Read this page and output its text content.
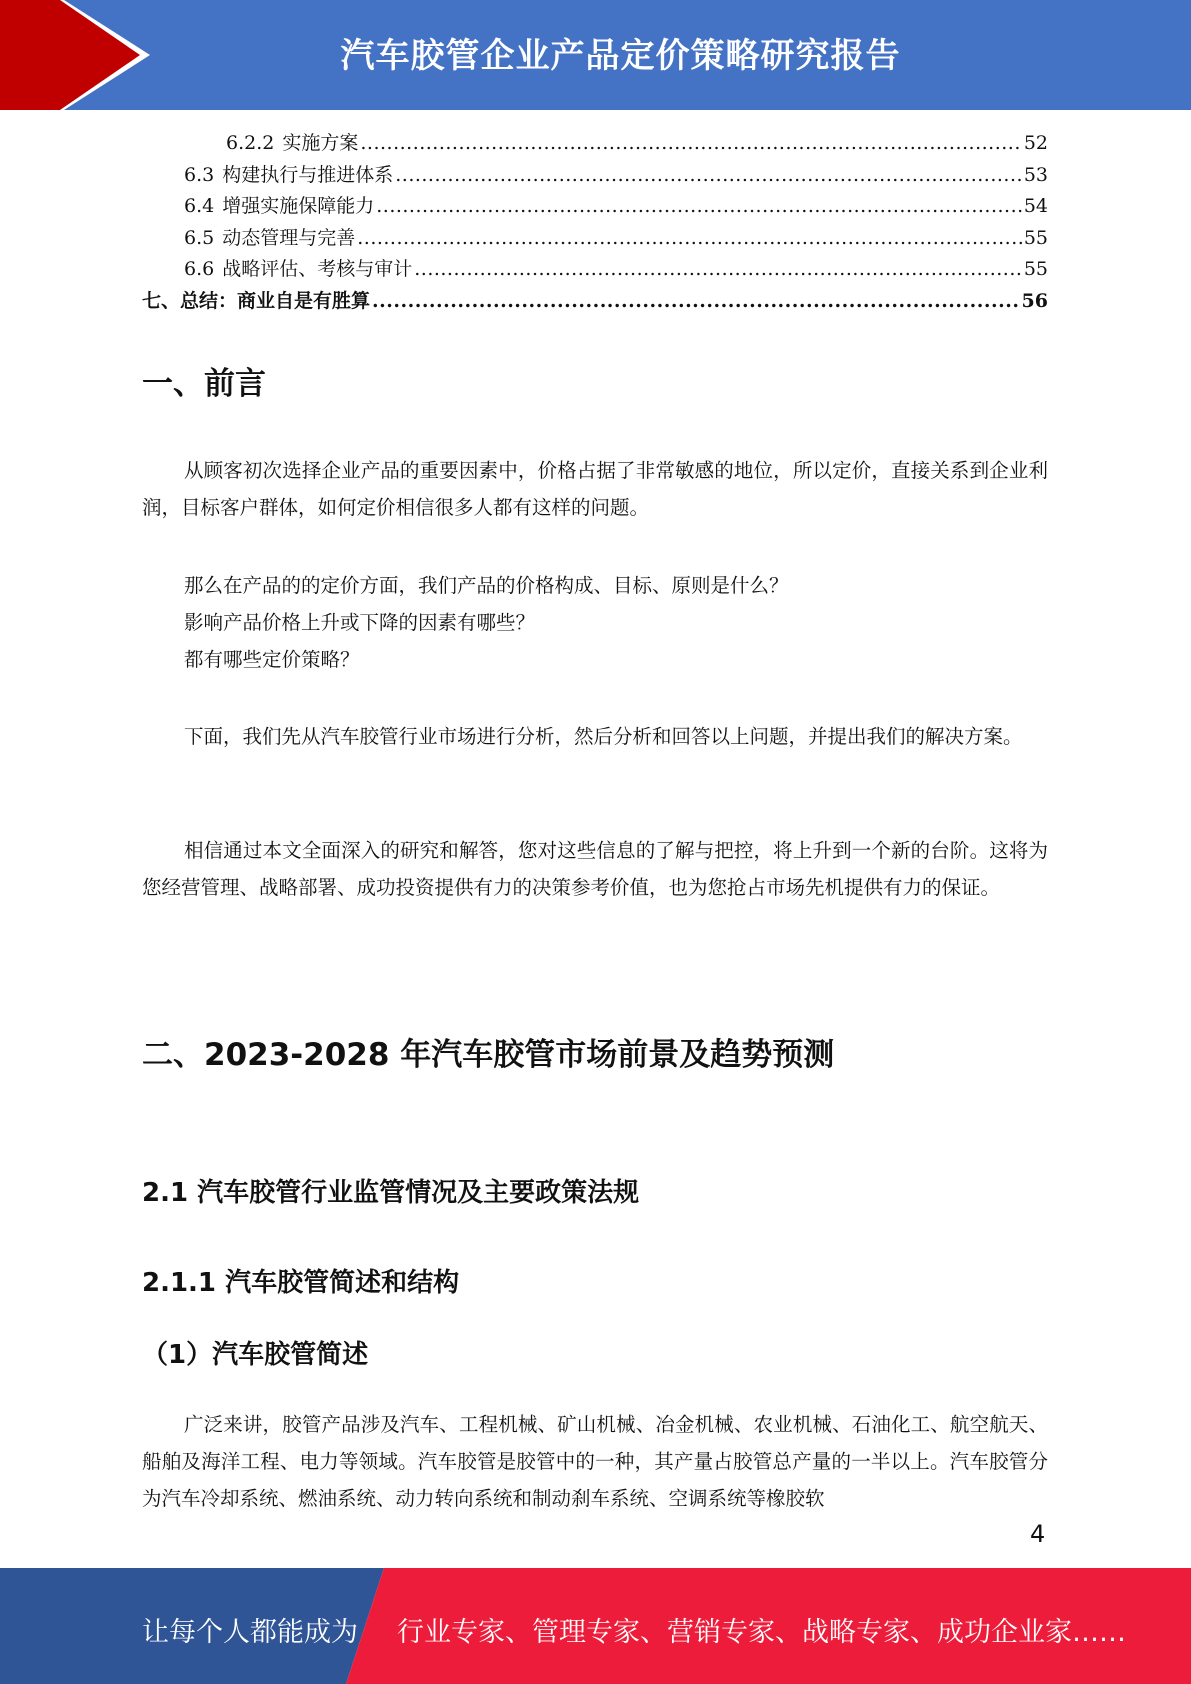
汽车胶管企业产品定价策略研究报告
6.2.2 实施方案 .....	52
6.3 构建执行与推进体系 .....	53
6.4 增强实施保障能力 .....	54
6.5 动态管理与完善 .....	55
6.6 战略评估、考核与审计 .....	55
七、总结：商业自是有胜算 .....	56
一、前言

从顾客初次选择企业产品的重要因素中，价格占据了非常敏感的地位，所以定价，直接关系到企业利润，目标客户群体，如何定价相信很多人都有这样的问题。

那么在产品的的定价方面，我们产品的价格构成、目标、原则是什么？

影响产品价格上升或下降的因素有哪些？

都有哪些定价策略？

下面，我们先从汽车胶管行业市场进行分析，然后分析和回答以上问题，并提出我们的解决方案。

相信通过本文全面深入的研究和解答，您对这些信息的了解与把控，将上升到一个新的台阶。这将为您经营管理、战略部署、成功投资提供有力的决策参考价值，也为您抢占市场先机提供有力的保证。

二、2023-2028 年汽车胶管市场前景及趋势预测
2.1 汽车胶管行业监管情况及主要政策法规
2.1.1 汽车胶管简述和结构
（1）汽车胶管简述

广泛来讲，胶管产品涉及汽车、工程机械、矿山机械、冶金机械、农业机械、石油化工、航空航天、船舶及海洋工程、电力等领域。汽车胶管是胶管中的一种，其产量占胶管总产量的一半以上。汽车胶管分为汽车冷却系统、燃油系统、动力转向系统和制动刹车系统、空调系统等橡胶软

4
让每个人都能成为 行业专家、管理专家、营销专家、战略专家、成功企业家……
